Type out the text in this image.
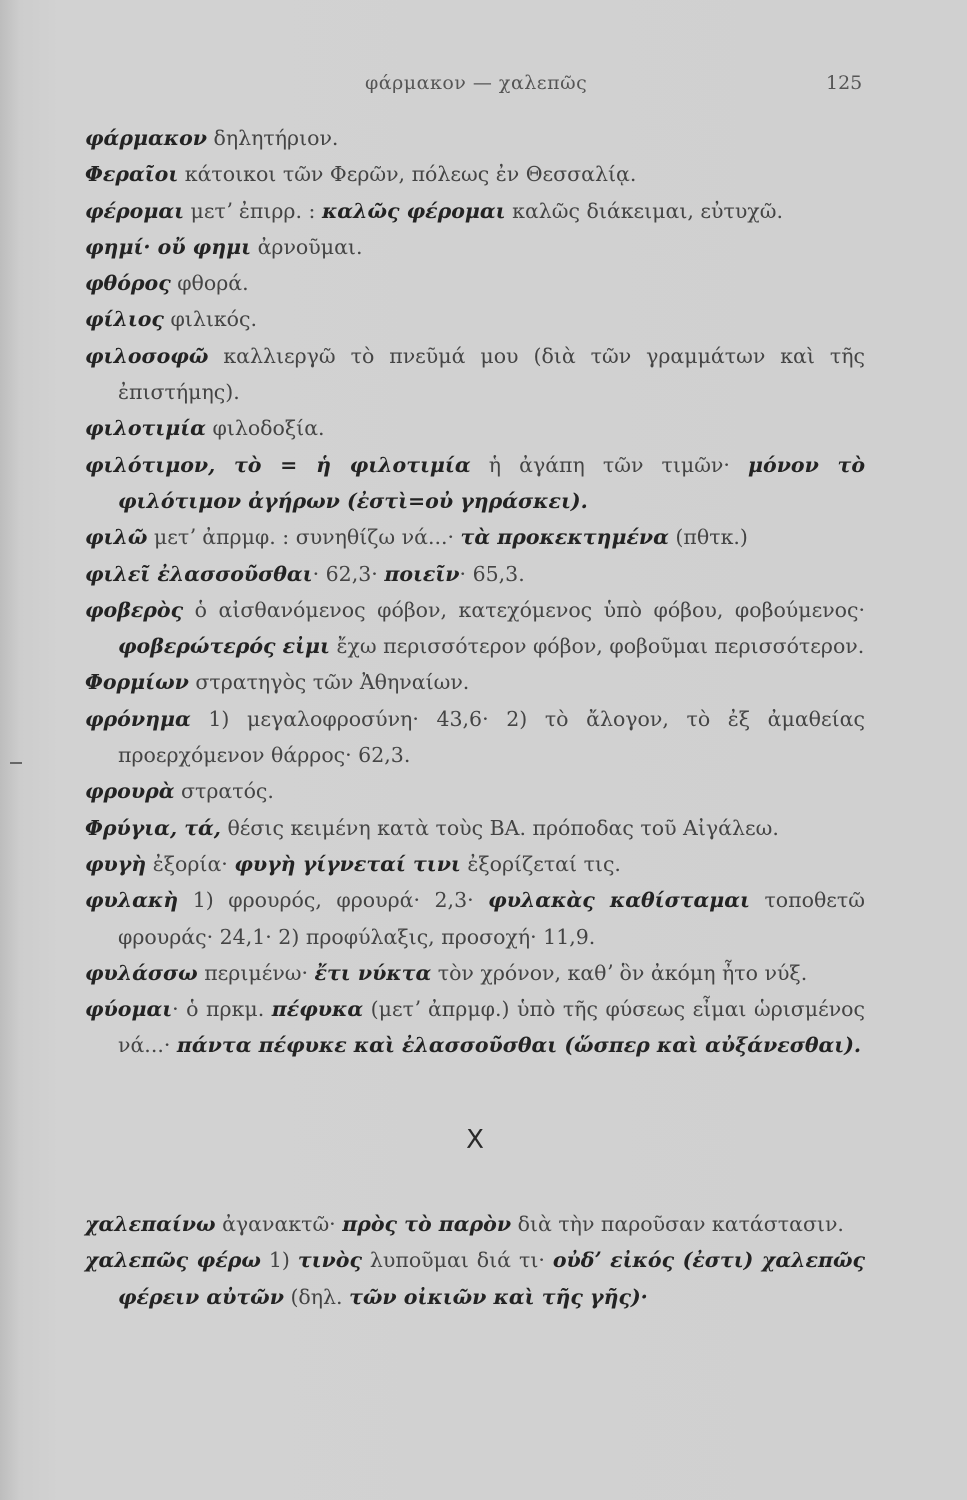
φάρμακον — χαλεπῶς	125
φάρμακον δηλητήριον.
Φεραῖοι κάτοικοι τῶν Φερῶν, πόλεως ἐν Θεσσαλίᾳ.
φέρομαι μετʼ ἐπιρρ. : καλῶς φέρομαι καλῶς διάκειμαι, εὐτυχῶ.
φημί· οὔ φημι ἀρνοῦμαι.
φθόρος φθορά.
φίλιος φιλικός.
φιλοσοφῶ καλλιεργῶ τὸ πνεῦμά μου (διὰ τῶν γραμμάτων καὶ τῆς ἐπιστήμης).
φιλοτιμία φιλοδοξία.
φιλότιμον, τὸ = ἡ φιλοτιμία ἡ ἀγάπη τῶν τιμῶν· μόνον τὸ φιλότιμον ἀγήρων (ἐστὶ=οὐ γηράσκει).
φιλῶ μετʼ ἀπρμφ. : συνηθίζω νά...· τὰ προκεκτημένα (πθτκ.)
φιλεῖ ἐλασσοῦσθαι· 62,3· ποιεῖν· 65,3.
φοβερὸς ὁ αἰσθανόμενος φόβον, κατεχόμενος ὑπὸ φόβου, φοβούμενος· φοβερώτερός εἰμι ἔχω περισσότερον φόβον, φοβοῦμαι περισσότερον.
Φορμίων στρατηγὸς τῶν Ἀθηναίων.
φρόνημα 1) μεγαλοφροσύνη· 43,6· 2) τὸ ἄλογον, τὸ ἐξ ἀμαθείας προερχόμενον θάρρος· 62,3.
φρουρὰ στρατός.
Φρύγια, τά, θέσις κειμένη κατὰ τοὺς ΒΑ. πρόποδας τοῦ Αἰγάλεω.
φυγὴ ἐξορία· φυγὴ γίγνεταί τινι ἐξορίζεταί τις.
φυλακὴ 1) φρουρός, φρουρά· 2,3· φυλακὰς καθίσταμαι τοποθετῶ φρουράς· 24,1· 2) προφύλαξις, προσοχή· 11,9.
φυλάσσω περιμένω· ἔτι νύκτα τὸν χρόνον, καθʼ ὃν ἀκόμη ἦτο νύξ.
φύομαι· ὁ πρκμ. πέφυκα (μετʼ ἀπρμφ.) ὑπὸ τῆς φύσεως εἶμαι ὡρισμένος νά...· πάντα πέφυκε καὶ ἐλασσοῦσθαι (ὥσπερ καὶ αὐξάνεσθαι).
Χ
χαλεπαίνω ἀγανακτῶ· πρὸς τὸ παρὸν διὰ τὴν παροῦσαν κατάστασιν.
χαλεπῶς φέρω 1) τινὸς λυποῦμαι διά τι· οὐδʼ εἰκός (ἐστι) χαλεπῶς φέρειν αὐτῶν (δηλ. τῶν οἰκιῶν καὶ τῆς γῆς)·
